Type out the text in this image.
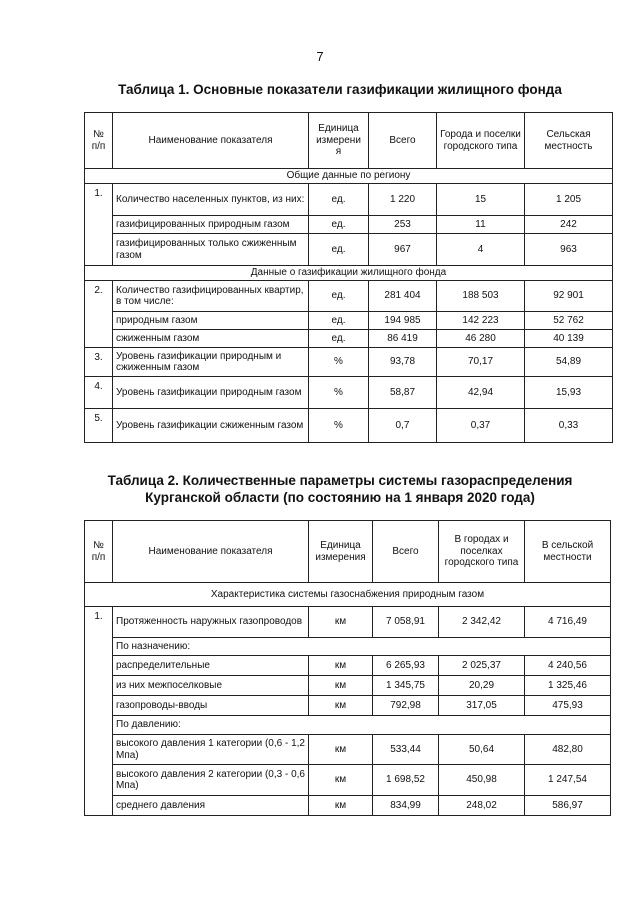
7
Таблица 1. Основные показатели газификации жилищного фонда
№ п/п	Наименование показателя	Единица измерени я	Всего	Города и поселки городского типа	Сельская местность
Общие данные по региону					
1.	Количество населенных пунктов, из них:	ед.	1 220	15	1 205
	газифицированных природным газом	ед.	253	11	242
	газифицированных только сжиженным газом	ед.	967	4	963
Данные о газификации жилищного фонда					
2.	Количество газифицированных квартир, в том числе:	ед.	281 404	188 503	92 901
	природным газом	ед.	194 985	142 223	52 762
	сжиженным газом	ед.	86 419	46 280	40 139
3.	Уровень газификации природным и сжиженным газом	%	93,78	70,17	54,89
4.	Уровень газификации природным газом	%	58,87	42,94	15,93
5.	Уровень газификации сжиженным газом	%	0,7	0,37	0,33
Таблица 2. Количественные параметры системы газораспределения
Курганской области (по состоянию на 1 января 2020 года)
№ п/п	Наименование показателя	Единица измерения	Всего	В городах и поселках городского типа	В сельской местности
Характеристика системы газоснабжения природным газом					
1.	Протяженность наружных газопроводов	км	7 058,91	2 342,42	4 716,49
	По назначению:				
	распределительные	км	6 265,93	2 025,37	4 240,56
	из них межпоселковые	км	1 345,75	20,29	1 325,46
	газопроводы-вводы	км	792,98	317,05	475,93
	По давлению:				
	высокого давления 1 категории (0,6 - 1,2 Мпа)	км	533,44	50,64	482,80
	высокого давления 2 категории (0,3 - 0,6 Мпа)	км	1 698,52	450,98	1 247,54
	среднего давления	км	834,99	248,02	586,97
